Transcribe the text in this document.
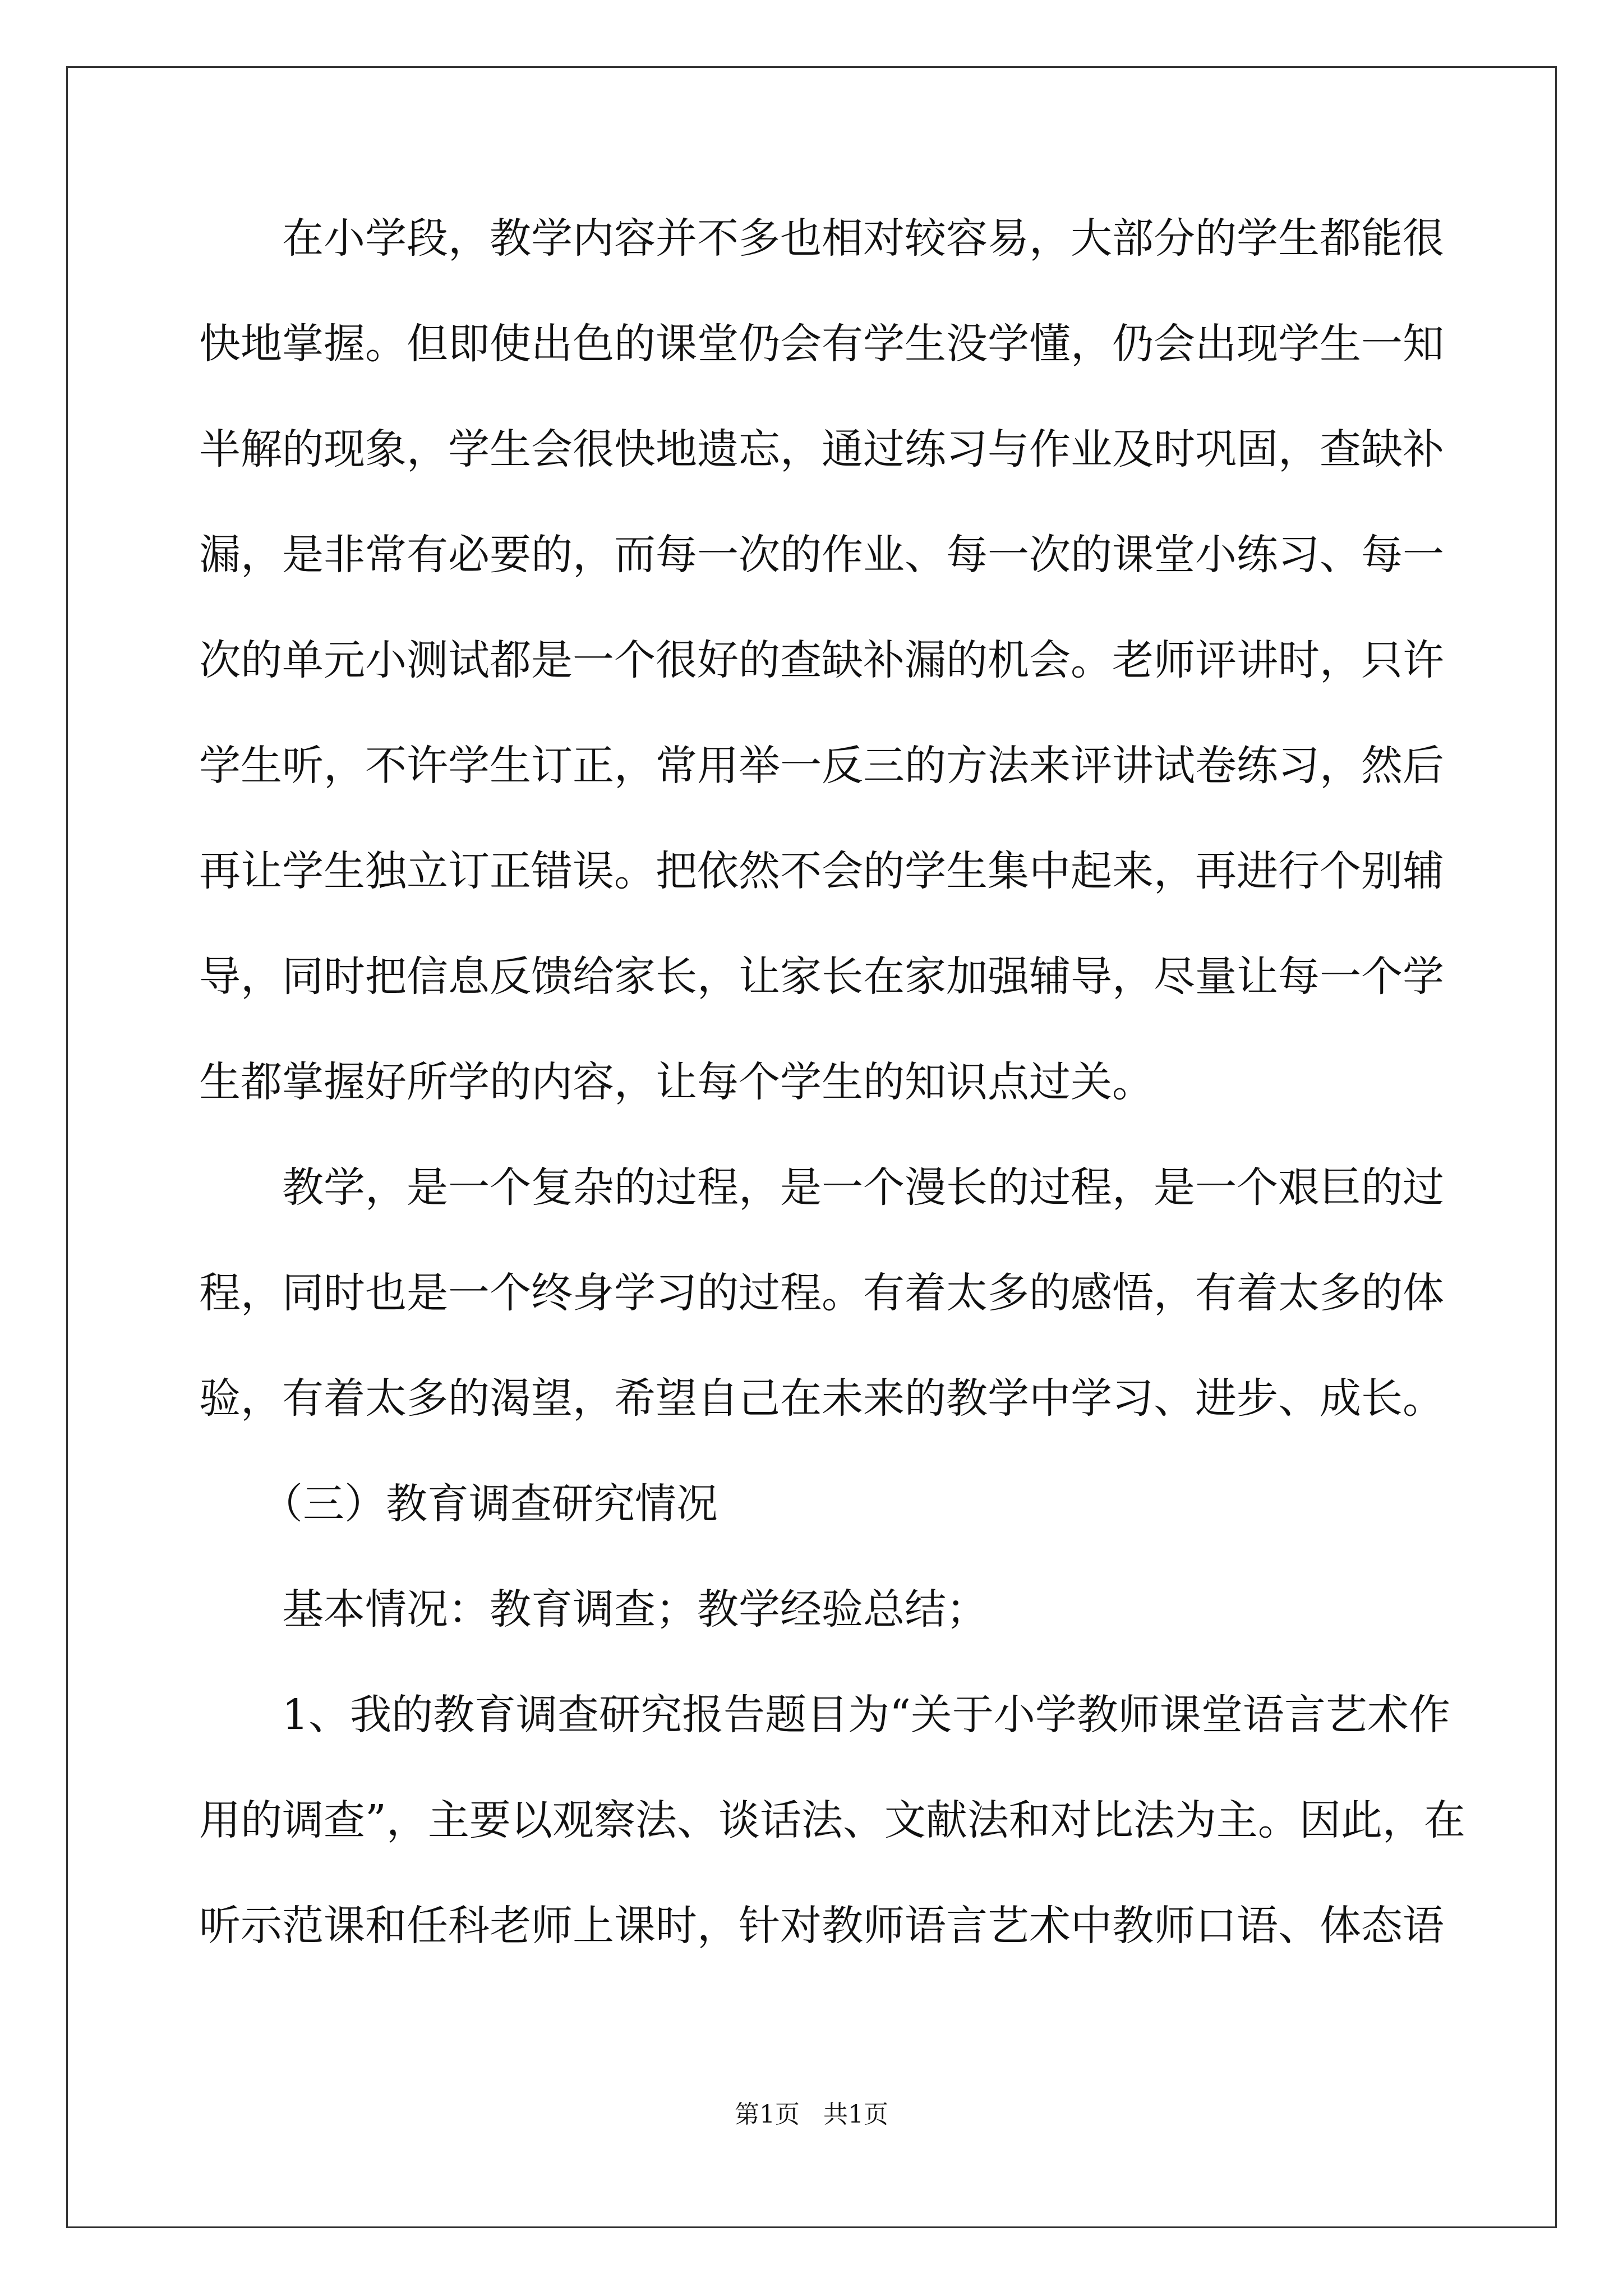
　　在小学段，教学内容并不多也相对较容易，大部分的学生都能很
快地掌握。但即使出色的课堂仍会有学生没学懂，仍会出现学生一知
半解的现象，学生会很快地遗忘，通过练习与作业及时巩固，查缺补
漏，是非常有必要的，而每一次的作业、每一次的课堂小练习、每一
次的单元小测试都是一个很好的查缺补漏的机会。老师评讲时，只许
学生听，不许学生订正，常用举一反三的方法来评讲试卷练习，然后
再让学生独立订正错误。把依然不会的学生集中起来，再进行个别辅
导，同时把信息反馈给家长，让家长在家加强辅导，尽量让每一个学
生都掌握好所学的内容，让每个学生的知识点过关。
　　教学，是一个复杂的过程，是一个漫长的过程，是一个艰巨的过
程，同时也是一个终身学习的过程。有着太多的感悟，有着太多的体
验，有着太多的渴望，希望自己在未来的教学中学习、进步、成长。
　　（三）教育调查研究情况
　　基本情况：教育调查；教学经验总结；
　　1、我的教育调查研究报告题目为“关于小学教师课堂语言艺术作
用的调查”，主要以观察法、谈话法、文献法和对比法为主。因此，在
听示范课和任科老师上课时，针对教师语言艺术中教师口语、体态语
第1页   共1页
